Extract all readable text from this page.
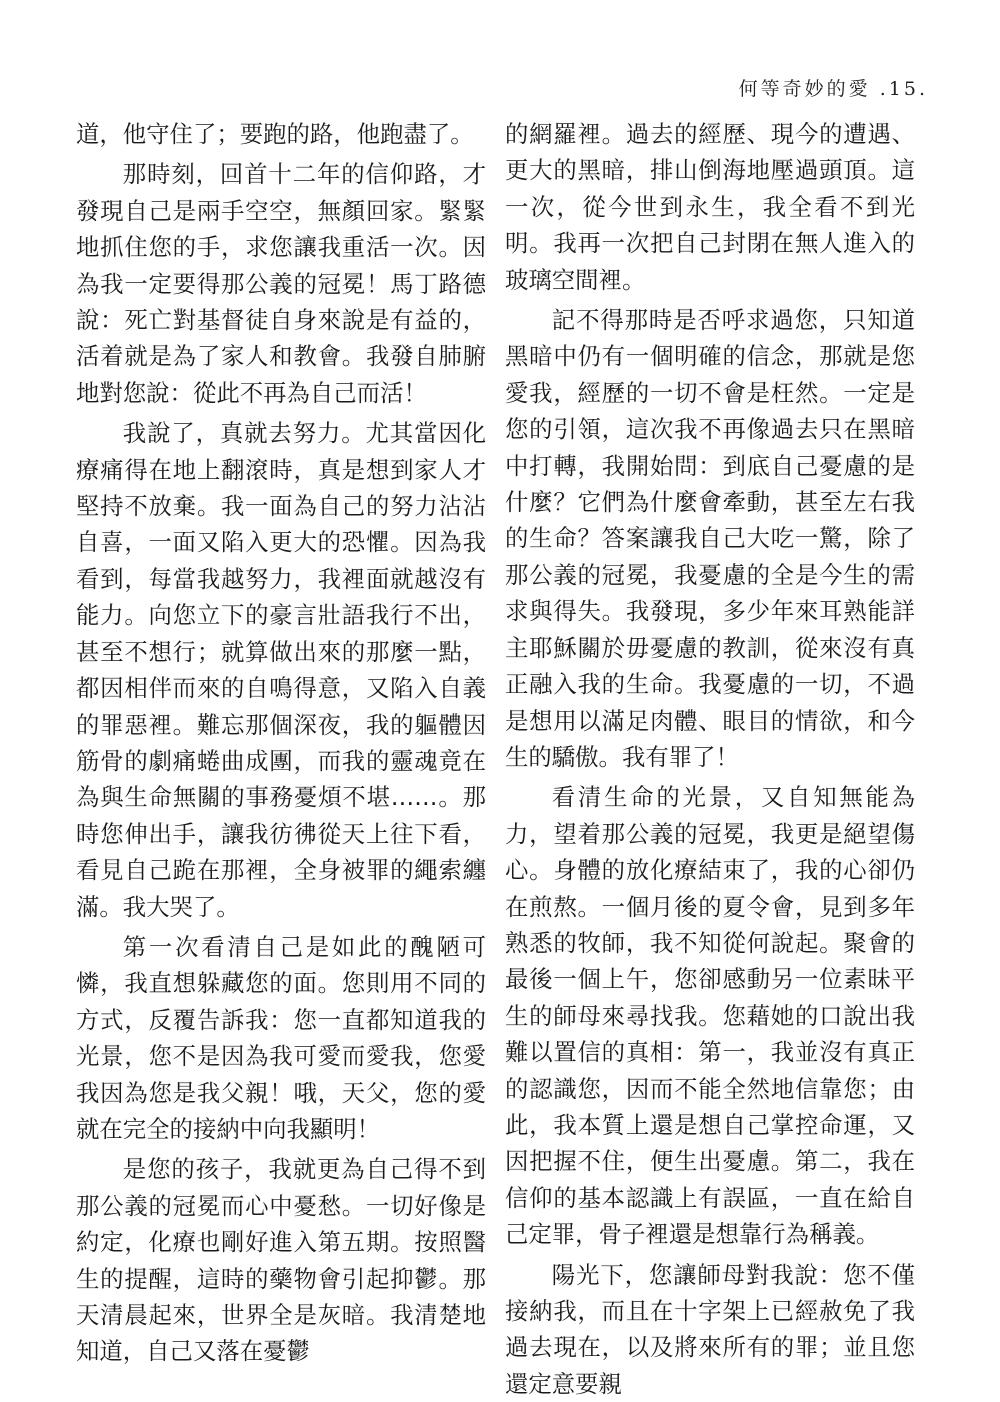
何等奇妙的愛 .15.

道，他守住了；要跑的路，他跑盡了。

那時刻，回首十二年的信仰路，才發現自己是兩手空空，無顏回家。緊緊地抓住您的手，求您讓我重活一次。因為我一定要得那公義的冠冕！馬丁路德說：死亡對基督徒自身來說是有益的，活着就是為了家人和教會。我發自肺腑地對您說：從此不再為自己而活！

我說了，真就去努力。尤其當因化療痛得在地上翻滾時，真是想到家人才堅持不放棄。我一面為自己的努力沾沾自喜，一面又陷入更大的恐懼。因為我看到，每當我越努力，我裡面就越沒有能力。向您立下的豪言壯語我行不出，甚至不想行；就算做出來的那麼一點，都因相伴而來的自鳴得意，又陷入自義的罪惡裡。難忘那個深夜，我的軀體因筋骨的劇痛蜷曲成團，而我的靈魂竟在為與生命無關的事務憂煩不堪……。那時您伸出手，讓我彷彿從天上往下看，看見自己跪在那裡，全身被罪的繩索纏滿。我大哭了。

第一次看清自己是如此的醜陋可憐，我直想躲藏您的面。您則用不同的方式，反覆告訴我：您一直都知道我的光景，您不是因為我可愛而愛我，您愛我因為您是我父親！哦，天父，您的愛就在完全的接納中向我顯明！

是您的孩子，我就更為自己得不到那公義的冠冕而心中憂愁。一切好像是約定，化療也剛好進入第五期。按照醫生的提醒，這時的藥物會引起抑鬱。那天清晨起來，世界全是灰暗。我清楚地知道，自己又落在憂鬱

的網羅裡。過去的經歷、現今的遭遇、更大的黑暗，排山倒海地壓過頭頂。這一次，從今世到永生，我全看不到光明。我再一次把自己封閉在無人進入的玻璃空間裡。

記不得那時是否呼求過您，只知道黑暗中仍有一個明確的信念，那就是您愛我，經歷的一切不會是枉然。一定是您的引領，這次我不再像過去只在黑暗中打轉，我開始問：到底自己憂慮的是什麼？它們為什麼會牽動，甚至左右我的生命？答案讓我自己大吃一驚，除了那公義的冠冕，我憂慮的全是今生的需求與得失。我發現，多少年來耳熟能詳主耶穌關於毋憂慮的教訓，從來沒有真正融入我的生命。我憂慮的一切，不過是想用以滿足肉體、眼目的情欲，和今生的驕傲。我有罪了！

看清生命的光景，又自知無能為力，望着那公義的冠冕，我更是絕望傷心。身體的放化療結束了，我的心卻仍在煎熬。一個月後的夏令會，見到多年熟悉的牧師，我不知從何說起。聚會的最後一個上午，您卻感動另一位素昧平生的師母來尋找我。您藉她的口說出我難以置信的真相：第一，我並沒有真正的認識您，因而不能全然地信靠您；由此，我本質上還是想自己掌控命運，又因把握不住，便生出憂慮。第二，我在信仰的基本認識上有誤區，一直在給自己定罪，骨子裡還是想靠行為稱義。

陽光下，您讓師母對我說：您不僅接納我，而且在十字架上已經赦免了我過去現在，以及將來所有的罪；並且您還定意要親
